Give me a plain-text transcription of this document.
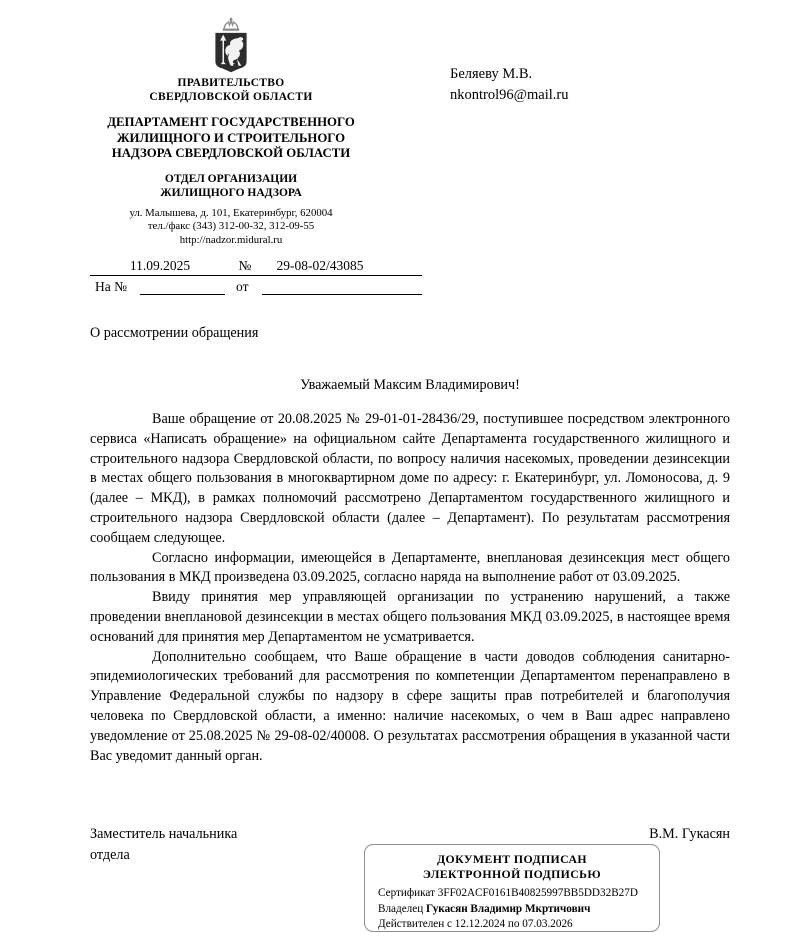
ПРАВИТЕЛЬСТВО
СВЕРДЛОВСКОЙ ОБЛАСТИ
ДЕПАРТАМЕНТ ГОСУДАРСТВЕННОГО
ЖИЛИЩНОГО И СТРОИТЕЛЬНОГО
НАДЗОРА СВЕРДЛОВСКОЙ ОБЛАСТИ
ОТДЕЛ ОРГАНИЗАЦИИ
ЖИЛИЩНОГО НАДЗОРА
ул. Малышева, д. 101, Екатеринбург, 620004
тел./факс (343) 312-00-32, 312-09-55
http://nadzor.midural.ru
Беляеву М.В.
nkontrol96@mail.ru
11.09.2025	№	29-08-02/43085
На №	от
О рассмотрении обращения
Уважаемый Максим Владимирович!

Ваше обращение от 20.08.2025 № 29-01-01-28436/29, поступившее посредством электронного сервиса «Написать обращение» на официальном сайте Департамента государственного жилищного и строительного надзора Свердловской области, по вопросу наличия насекомых, проведении дезинсекции в местах общего пользования в многоквартирном доме по адресу: г. Екатеринбург, ул. Ломоносова, д. 9 (далее – МКД), в рамках полномочий рассмотрено Департаментом государственного жилищного и строительного надзора Свердловской области (далее – Департамент). По результатам рассмотрения сообщаем следующее.

Согласно информации, имеющейся в Департаменте, внеплановая дезинсекция мест общего пользования в МКД произведена 03.09.2025, согласно наряда на выполнение работ от 03.09.2025.

Ввиду принятия мер управляющей организации по устранению нарушений, а также проведении внеплановой дезинсекции в местах общего пользования МКД 03.09.2025, в настоящее время оснований для принятия мер Департаментом не усматривается.

Дополнительно сообщаем, что Ваше обращение в части доводов соблюдения санитарно-эпидемиологических требований для рассмотрения по компетенции Департаментом перенаправлено в Управление Федеральной службы по надзору в сфере защиты прав потребителей и благополучия человека по Свердловской области, а именно: наличие насекомых, о чем в Ваш адрес направлено уведомление от 25.08.2025 № 29-08-02/40008. О результатах рассмотрения обращения в указанной части Вас уведомит данный орган.

Заместитель начальника
отдела
В.М. Гукасян
ДОКУМЕНТ ПОДПИСАН
ЭЛЕКТРОННОЙ ПОДПИСЬЮ
Сертификат 3FF02ACF0161B40825997BB5DD32B27D
Владелец Гукасян Владимир Мкртичович
Действителен с 12.12.2024 по 07.03.2026
